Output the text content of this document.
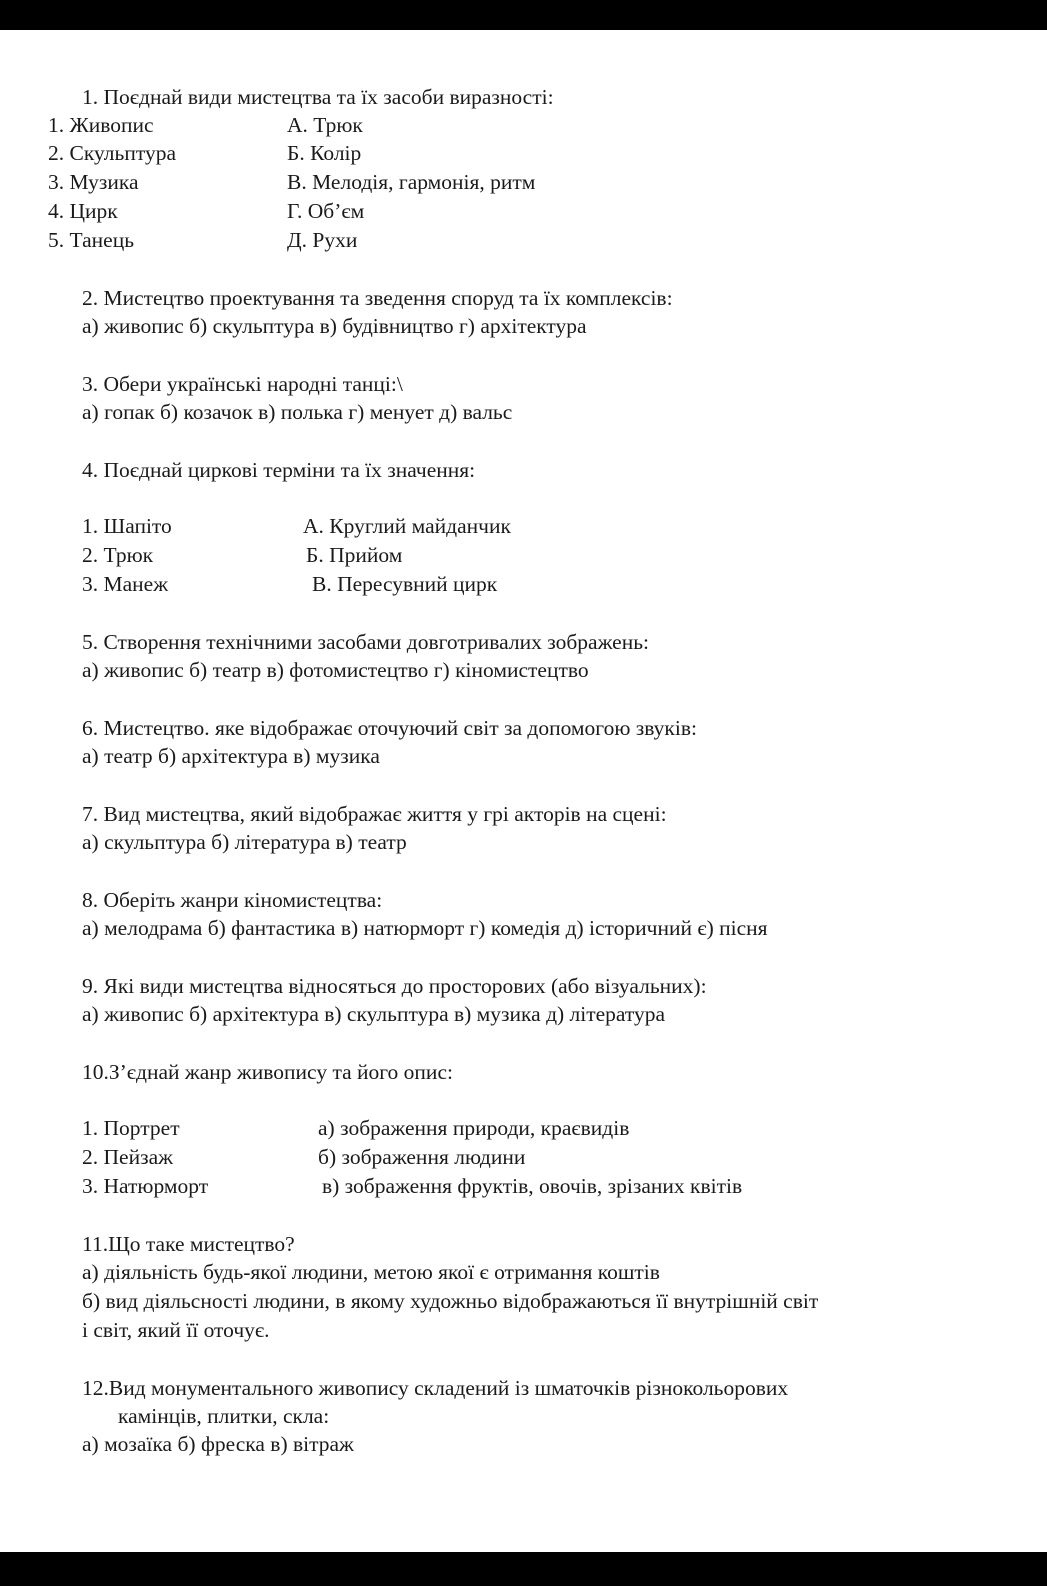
1. Поєднай види мистецтва та їх засоби виразності:
1. Живопис
2. Скульптура
3. Музика
4. Цирк
5. Танець
А. Трюк
Б. Колір
В. Мелодія, гармонія, ритм
Г. Об’єм
Д. Рухи
2. Мистецтво проектування та зведення споруд та їх комплексів:
а) живопис б) скульптура в) будівництво г) архітектура
3. Обери українські народні танці:\
а) гопак б) козачок в) полька г) менует д) вальс
4. Поєднай циркові терміни та їх значення:
1. Шапіто
2. Трюк
3. Манеж
А. Круглий майданчик
Б. Прийом
В. Пересувний цирк
5. Створення технічними засобами довготривалих зображень:
а) живопис б) театр в) фотомистецтво г) кіномистецтво
6. Мистецтво. яке відображає оточуючий світ за допомогою звуків:
а) театр б) архітектура в) музика
7. Вид мистецтва, який відображає життя у грі акторів на сцені:
а) скульптура б) література в) театр
8. Оберіть жанри кіномистецтва:
а) мелодрама б) фантастика в) натюрморт г) комедія д) історичний є) пісня
9. Які види мистецтва відносяться до просторових (або візуальних):
а) живопис б) архітектура в) скульптура в) музика д) література
10.З’єднай жанр живопису та його опис:
1. Портрет
2. Пейзаж
3. Натюрморт
а) зображення природи, краєвидів
б) зображення людини
в) зображення фруктів, овочів, зрізаних квітів
11.Що таке мистецтво?
а) діяльність будь-якої людини, метою якої є отримання коштів
б) вид діяльсності людини, в якому художньо відображаються її внутрішній світ
і світ, який її оточує.
12.Вид монументального живопису складений із шматочків різнокольорових
камінців, плитки, скла:
а) мозаїка б) фреска в) вітраж
